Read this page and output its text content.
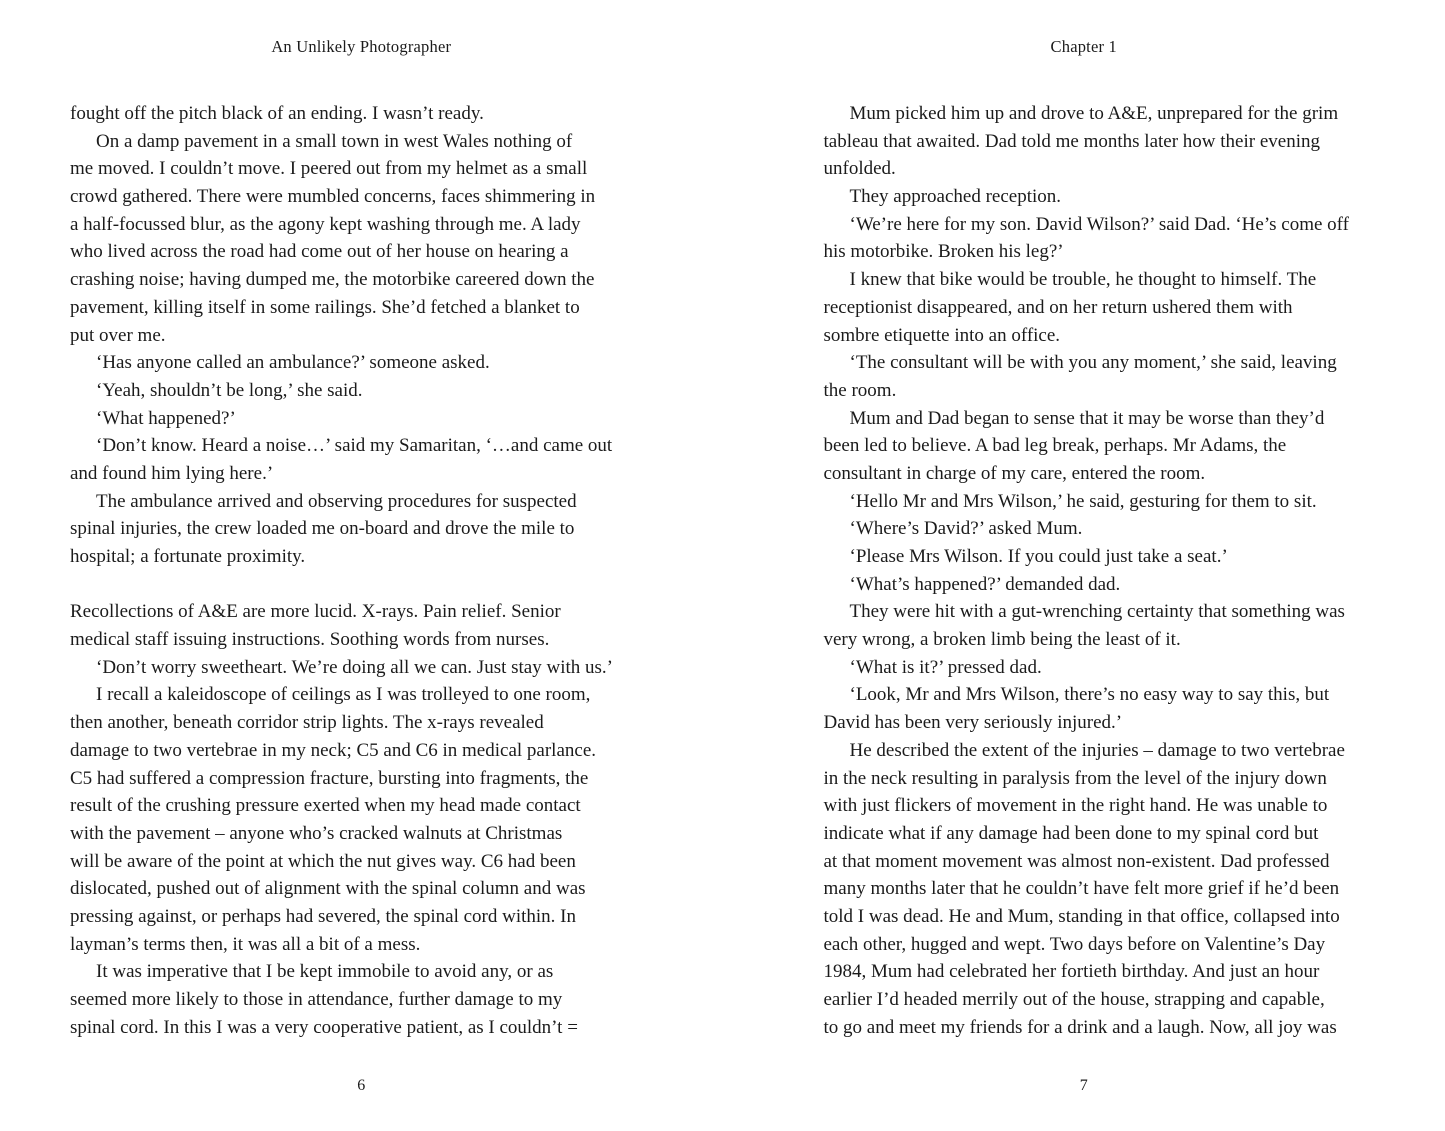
An Unlikely Photographer
fought off the pitch black of an ending. I wasn’t ready.
On a damp pavement in a small town in west Wales nothing of
me moved. I couldn’t move. I peered out from my helmet as a small
crowd gathered. There were mumbled concerns, faces shimmering in
a half-focussed blur, as the agony kept washing through me. A lady
who lived across the road had come out of her house on hearing a
crashing noise; having dumped me, the motorbike careered down the
pavement, killing itself in some railings. She’d fetched a blanket to
put over me.
‘Has anyone called an ambulance?’ someone asked.
‘Yeah, shouldn’t be long,’ she said.
‘What happened?’
‘Don’t know. Heard a noise…’ said my Samaritan, ‘…and came out
and found him lying here.’
The ambulance arrived and observing procedures for suspected
spinal injuries, the crew loaded me on-board and drove the mile to
hospital; a fortunate proximity.
Recollections of A&E are more lucid. X-rays. Pain relief. Senior
medical staff issuing instructions. Soothing words from nurses.
‘Don’t worry sweetheart. We’re doing all we can. Just stay with us.’
I recall a kaleidoscope of ceilings as I was trolleyed to one room,
then another, beneath corridor strip lights. The x-rays revealed
damage to two vertebrae in my neck; C5 and C6 in medical parlance.
C5 had suffered a compression fracture, bursting into fragments, the
result of the crushing pressure exerted when my head made contact
with the pavement – anyone who’s cracked walnuts at Christmas
will be aware of the point at which the nut gives way. C6 had been
dislocated, pushed out of alignment with the spinal column and was
pressing against, or perhaps had severed, the spinal cord within. In
layman’s terms then, it was all a bit of a mess.
It was imperative that I be kept immobile to avoid any, or as
seemed more likely to those in attendance, further damage to my
spinal cord. In this I was a very cooperative patient, as I couldn’t =
6
Chapter 1
Mum picked him up and drove to A&E, unprepared for the grim
tableau that awaited. Dad told me months later how their evening
unfolded.
They approached reception.
‘We’re here for my son. David Wilson?’ said Dad. ‘He’s come off
his motorbike. Broken his leg?’
I knew that bike would be trouble, he thought to himself. The
receptionist disappeared, and on her return ushered them with
sombre etiquette into an office.
‘The consultant will be with you any moment,’ she said, leaving
the room.
Mum and Dad began to sense that it may be worse than they’d
been led to believe. A bad leg break, perhaps. Mr Adams, the
consultant in charge of my care, entered the room.
‘Hello Mr and Mrs Wilson,’ he said, gesturing for them to sit.
‘Where’s David?’ asked Mum.
‘Please Mrs Wilson. If you could just take a seat.’
‘What’s happened?’ demanded dad.
They were hit with a gut-wrenching certainty that something was
very wrong, a broken limb being the least of it.
‘What is it?’ pressed dad.
‘Look, Mr and Mrs Wilson, there’s no easy way to say this, but
David has been very seriously injured.’
He described the extent of the injuries – damage to two vertebrae
in the neck resulting in paralysis from the level of the injury down
with just flickers of movement in the right hand. He was unable to
indicate what if any damage had been done to my spinal cord but
at that moment movement was almost non-existent. Dad professed
many months later that he couldn’t have felt more grief if he’d been
told I was dead. He and Mum, standing in that office, collapsed into
each other, hugged and wept. Two days before on Valentine’s Day
1984, Mum had celebrated her fortieth birthday. And just an hour
earlier I’d headed merrily out of the house, strapping and capable,
to go and meet my friends for a drink and a laugh. Now, all joy was
7
